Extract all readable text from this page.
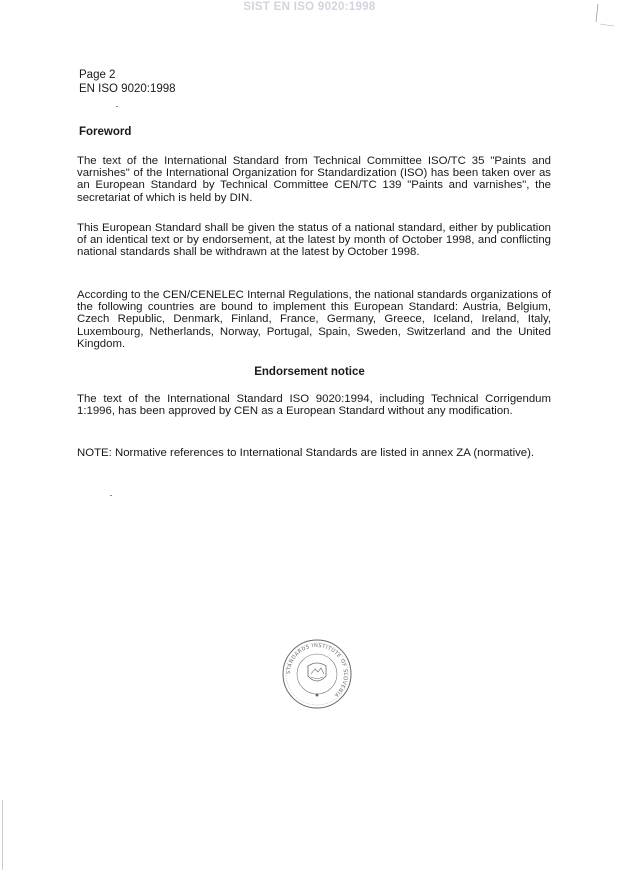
SIST EN ISO 9020:1998
Page 2
EN ISO 9020:1998
Foreword
The text of the International Standard from Technical Committee ISO/TC 35 "Paints and varnishes" of the International Organization for Standardization (ISO) has been taken over as an European Standard by Technical Committee CEN/TC 139 "Paints and varnishes", the secretariat of which is held by DIN.
This European Standard shall be given the status of a national standard, either by publication of an identical text or by endorsement, at the latest by month of October 1998, and conflicting national standards shall be withdrawn at the latest by October 1998.
According to the CEN/CENELEC Internal Regulations, the national standards organizations of the following countries are bound to implement this European Standard: Austria, Belgium, Czech Republic, Denmark, Finland, France, Germany, Greece, Iceland, Ireland, Italy, Luxembourg, Netherlands, Norway, Portugal, Spain, Sweden, Switzerland and the United Kingdom.
Endorsement notice
The text of the International Standard ISO 9020:1994, including Technical Corrigendum 1:1996, has been approved by CEN as a European Standard without any modification.
NOTE: Normative references to International Standards are listed in annex ZA (normative).
STANDARDS INSTITUTE OF SLOVENIA
